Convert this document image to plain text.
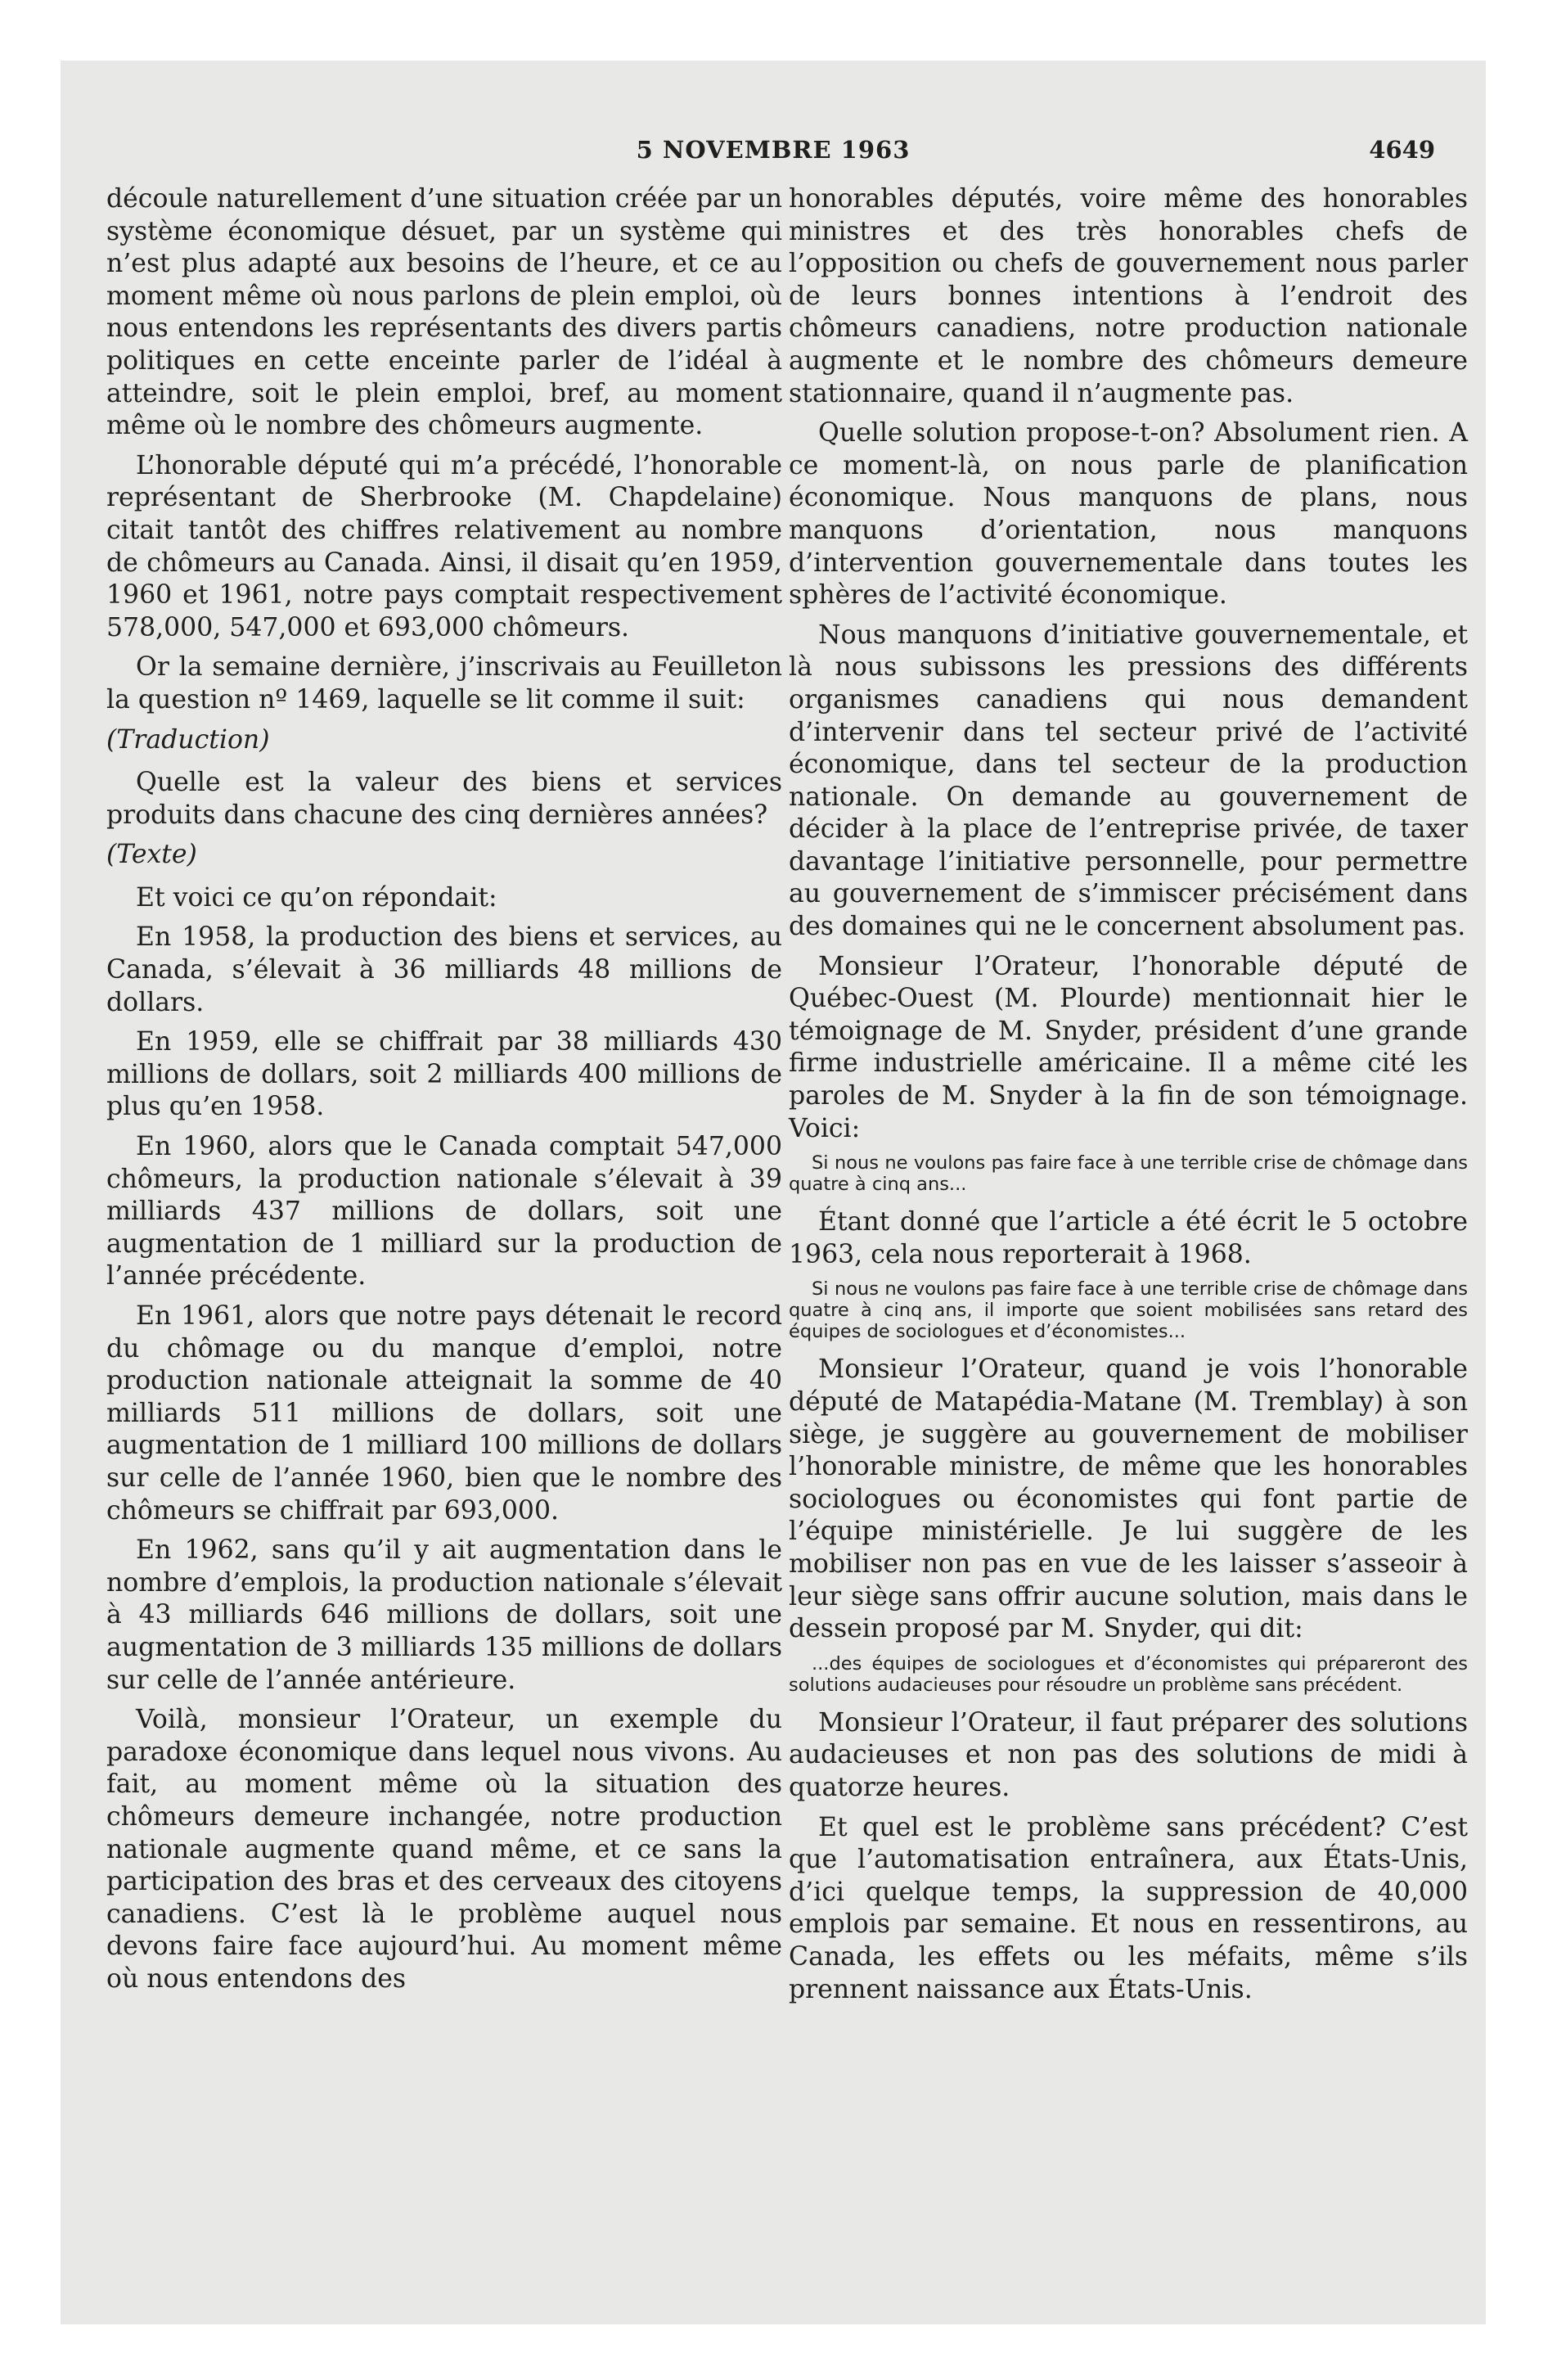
5 NOVEMBRE 1963	4649

découle naturellement d’une situation créée par un système économique désuet, par un système qui n’est plus adapté aux besoins de l’heure, et ce au moment même où nous parlons de plein emploi, où nous entendons les représentants des divers partis politiques en cette enceinte parler de l’idéal à atteindre, soit le plein emploi, bref, au moment même où le nombre des chômeurs augmente.

L’honorable député qui m’a précédé, l’honorable représentant de Sherbrooke (M. Chapdelaine) citait tantôt des chiffres relativement au nombre de chômeurs au Canada. Ainsi, il disait qu’en 1959, 1960 et 1961, notre pays comptait respectivement 578,000, 547,000 et 693,000 chômeurs.

Or la semaine dernière, j’inscrivais au Feuilleton la question nº 1469, laquelle se lit comme il suit:

(Traduction)

Quelle est la valeur des biens et services produits dans chacune des cinq dernières années?

(Texte)

Et voici ce qu’on répondait:

En 1958, la production des biens et services, au Canada, s’élevait à 36 milliards 48 millions de dollars.

En 1959, elle se chiffrait par 38 milliards 430 millions de dollars, soit 2 milliards 400 millions de plus qu’en 1958.

En 1960, alors que le Canada comptait 547,000 chômeurs, la production nationale s’élevait à 39 milliards 437 millions de dollars, soit une augmentation de 1 milliard sur la production de l’année précédente.

En 1961, alors que notre pays détenait le record du chômage ou du manque d’emploi, notre production nationale atteignait la somme de 40 milliards 511 millions de dollars, soit une augmentation de 1 milliard 100 millions de dollars sur celle de l’année 1960, bien que le nombre des chômeurs se chiffrait par 693,000.

En 1962, sans qu’il y ait augmentation dans le nombre d’emplois, la production nationale s’élevait à 43 milliards 646 millions de dollars, soit une augmentation de 3 milliards 135 millions de dollars sur celle de l’année antérieure.

Voilà, monsieur l’Orateur, un exemple du paradoxe économique dans lequel nous vivons. Au fait, au moment même où la situation des chômeurs demeure inchangée, notre production nationale augmente quand même, et ce sans la participation des bras et des cerveaux des citoyens canadiens. C’est là le problème auquel nous devons faire face aujourd’hui. Au moment même où nous entendons des

honorables députés, voire même des honorables ministres et des très honorables chefs de l’opposition ou chefs de gouvernement nous parler de leurs bonnes intentions à l’endroit des chômeurs canadiens, notre production nationale augmente et le nombre des chômeurs demeure stationnaire, quand il n’augmente pas.

Quelle solution propose-t-on? Absolument rien. A ce moment-là, on nous parle de planification économique. Nous manquons de plans, nous manquons d’orientation, nous manquons d’intervention gouvernementale dans toutes les sphères de l’activité économique.

Nous manquons d’initiative gouvernementale, et là nous subissons les pressions des différents organismes canadiens qui nous demandent d’intervenir dans tel secteur privé de l’activité économique, dans tel secteur de la production nationale. On demande au gouvernement de décider à la place de l’entreprise privée, de taxer davantage l’initiative personnelle, pour permettre au gouvernement de s’immiscer précisément dans des domaines qui ne le concernent absolument pas.

Monsieur l’Orateur, l’honorable député de Québec-Ouest (M. Plourde) mentionnait hier le témoignage de M. Snyder, président d’une grande firme industrielle américaine. Il a même cité les paroles de M. Snyder à la fin de son témoignage. Voici:

Si nous ne voulons pas faire face à une terrible crise de chômage dans quatre à cinq ans...

Étant donné que l’article a été écrit le 5 octobre 1963, cela nous reporterait à 1968.

Si nous ne voulons pas faire face à une terrible crise de chômage dans quatre à cinq ans, il importe que soient mobilisées sans retard des équipes de sociologues et d’économistes...

Monsieur l’Orateur, quand je vois l’honorable député de Matapédia-Matane (M. Tremblay) à son siège, je suggère au gouvernement de mobiliser l’honorable ministre, de même que les honorables sociologues ou économistes qui font partie de l’équipe ministérielle. Je lui suggère de les mobiliser non pas en vue de les laisser s’asseoir à leur siège sans offrir aucune solution, mais dans le dessein proposé par M. Snyder, qui dit:

...des équipes de sociologues et d’économistes qui prépareront des solutions audacieuses pour résoudre un problème sans précédent.

Monsieur l’Orateur, il faut préparer des solutions audacieuses et non pas des solutions de midi à quatorze heures.

Et quel est le problème sans précédent? C’est que l’automatisation entraînera, aux États-Unis, d’ici quelque temps, la suppression de 40,000 emplois par semaine. Et nous en ressentirons, au Canada, les effets ou les méfaits, même s’ils prennent naissance aux États-Unis.
